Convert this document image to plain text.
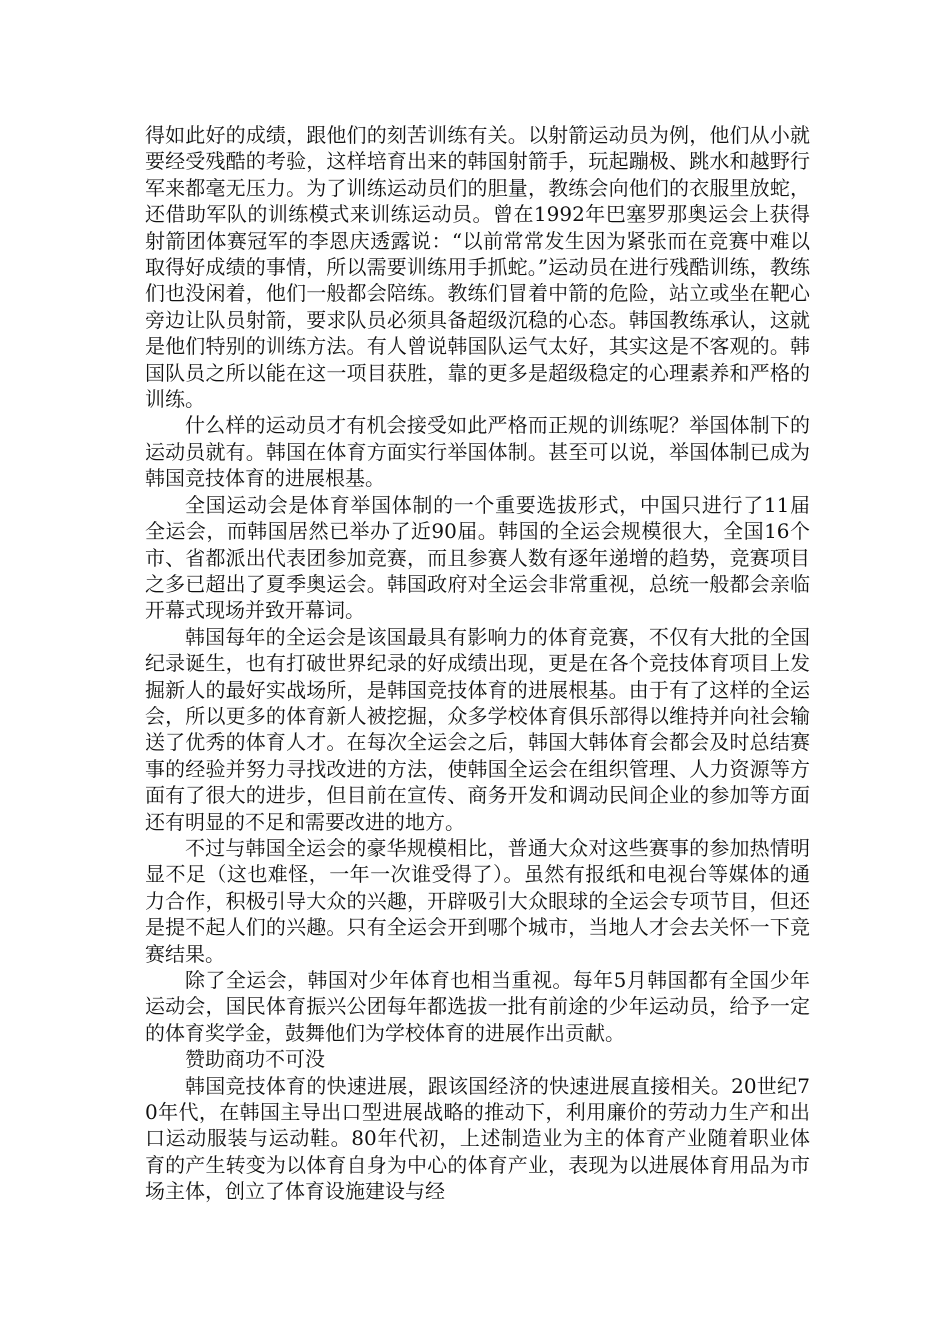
得如此好的成绩，跟他们的刻苦训练有关。以射箭运动员为例，他们从小就要经受残酷的考验，这样培育出来的韩国射箭手，玩起蹦极、跳水和越野行军来都毫无压力。为了训练运动员们的胆量，教练会向他们的衣服里放蛇，还借助军队的训练模式来训练运动员。曾在1992年巴塞罗那奥运会上获得射箭团体赛冠军的李恩庆透露说：“以前常常发生因为紧张而在竞赛中难以取得好成绩的事情，所以需要训练用手抓蛇。”运动员在进行残酷训练，教练们也没闲着，他们一般都会陪练。教练们冒着中箭的危险，站立或坐在靶心旁边让队员射箭，要求队员必须具备超级沉稳的心态。韩国教练承认，这就是他们特别的训练方法。有人曾说韩国队运气太好，其实这是不客观的。韩国队员之所以能在这一项目获胜，靠的更多是超级稳定的心理素养和严格的训练。

什么样的运动员才有机会接受如此严格而正规的训练呢？举国体制下的运动员就有。韩国在体育方面实行举国体制。甚至可以说，举国体制已成为韩国竞技体育的进展根基。

全国运动会是体育举国体制的一个重要选拔形式，中国只进行了11届全运会，而韩国居然已举办了近90届。韩国的全运会规模很大，全国16个市、省都派出代表团参加竞赛，而且参赛人数有逐年递增的趋势，竞赛项目之多已超出了夏季奥运会。韩国政府对全运会非常重视，总统一般都会亲临开幕式现场并致开幕词。

韩国每年的全运会是该国最具有影响力的体育竞赛，不仅有大批的全国纪录诞生，也有打破世界纪录的好成绩出现，更是在各个竞技体育项目上发掘新人的最好实战场所，是韩国竞技体育的进展根基。由于有了这样的全运会，所以更多的体育新人被挖掘，众多学校体育俱乐部得以维持并向社会输送了优秀的体育人才。在每次全运会之后，韩国大韩体育会都会及时总结赛事的经验并努力寻找改进的方法，使韩国全运会在组织管理、人力资源等方面有了很大的进步，但目前在宣传、商务开发和调动民间企业的参加等方面还有明显的不足和需要改进的地方。

不过与韩国全运会的豪华规模相比，普通大众对这些赛事的参加热情明显不足（这也难怪，一年一次谁受得了）。虽然有报纸和电视台等媒体的通力合作，积极引导大众的兴趣，开辟吸引大众眼球的全运会专项节目，但还是提不起人们的兴趣。只有全运会开到哪个城市，当地人才会去关怀一下竞赛结果。

除了全运会，韩国对少年体育也相当重视。每年5月韩国都有全国少年运动会，国民体育振兴公团每年都选拔一批有前途的少年运动员，给予一定的体育奖学金，鼓舞他们为学校体育的进展作出贡献。

赞助商功不可没

韩国竞技体育的快速进展，跟该国经济的快速进展直接相关。20世纪70年代，在韩国主导出口型进展战略的推动下，利用廉价的劳动力生产和出口运动服装与运动鞋。80年代初，上述制造业为主的体育产业随着职业体育的产生转变为以体育自身为中心的体育产业，表现为以进展体育用品为市场主体，创立了体育设施建设与经
